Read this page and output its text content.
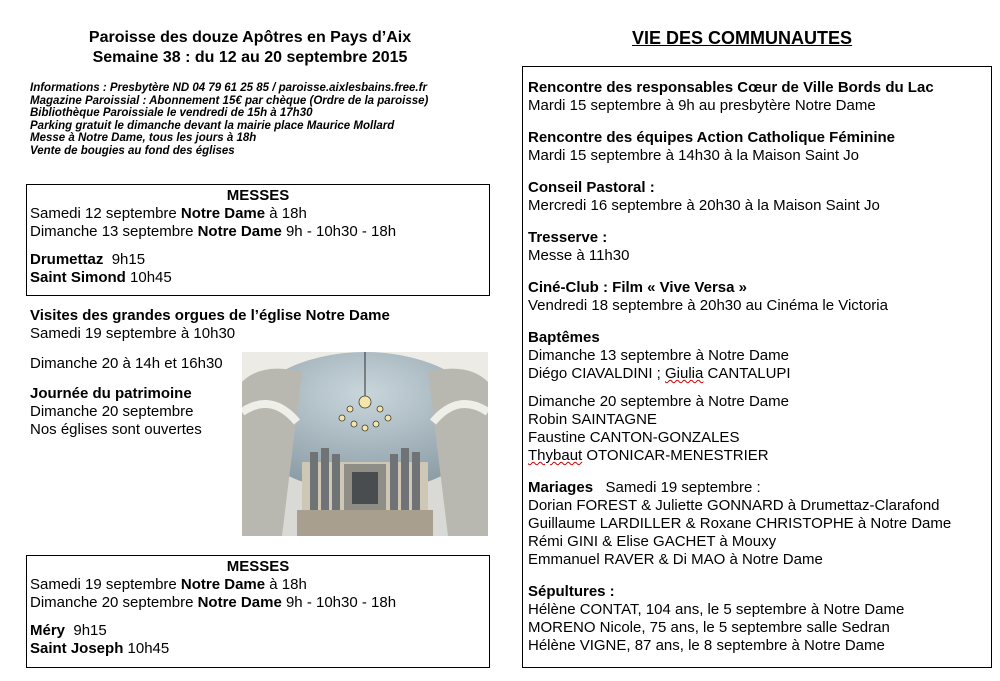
Paroisse des douze Apôtres en Pays d’Aix
Semaine 38 : du 12 au 20 septembre 2015
Informations : Presbytère ND 04 79 61 25 85 / paroisse.aixlesbains.free.fr
Magazine Paroissial : Abonnement 15€ par chèque (Ordre de la paroisse)
Bibliothèque Paroissiale le vendredi de 15h à 17h30
Parking gratuit le dimanche devant la mairie place Maurice Mollard
Messe à Notre Dame, tous les jours à 18h
Vente de bougies au fond des églises
MESSES
Samedi 12 septembre Notre Dame à 18h
Dimanche 13 septembre Notre Dame 9h - 10h30 - 18h
Drumettaz  9h15
Saint Simond 10h45
Visites des grandes orgues de l’église Notre Dame
Samedi 19 septembre à 10h30
Dimanche 20 à 14h et 16h30
Journée du patrimoine
Dimanche 20 septembre
Nos églises sont ouvertes
MESSES
Samedi 19 septembre Notre Dame à 18h
Dimanche 20 septembre Notre Dame 9h - 10h30 - 18h
Méry  9h15
Saint Joseph 10h45
VIE DES COMMUNAUTES
Rencontre des responsables Cœur de Ville Bords du Lac
Mardi 15 septembre à 9h au presbytère Notre Dame
Rencontre des équipes Action Catholique Féminine
Mardi 15 septembre à 14h30 à la Maison Saint Jo
Conseil Pastoral :
Mercredi 16 septembre à 20h30 à la Maison Saint Jo
Tresserve :
Messe à 11h30
Ciné-Club : Film « Vive Versa »
Vendredi 18 septembre à 20h30 au Cinéma le Victoria
Baptêmes
Dimanche 13 septembre à Notre Dame
Diégo CIAVALDINI ; Giulia CANTALUPI
Dimanche 20 septembre à Notre Dame
Robin SAINTAGNE
Faustine CANTON-GONZALES
Thybaut OTONICAR-MENESTRIER
Mariages   Samedi 19 septembre :
Dorian FOREST & Juliette GONNARD à Drumettaz-Clarafond
Guillaume LARDILLER & Roxane CHRISTOPHE à Notre Dame
Rémi GINI & Elise GACHET à Mouxy
Emmanuel RAVER & Di MAO à Notre Dame
Sépultures :
Hélène CONTAT, 104 ans, le 5 septembre à Notre Dame
MORENO Nicole, 75 ans, le 5 septembre salle Sedran
Hélène VIGNE, 87 ans, le 8 septembre à Notre Dame
